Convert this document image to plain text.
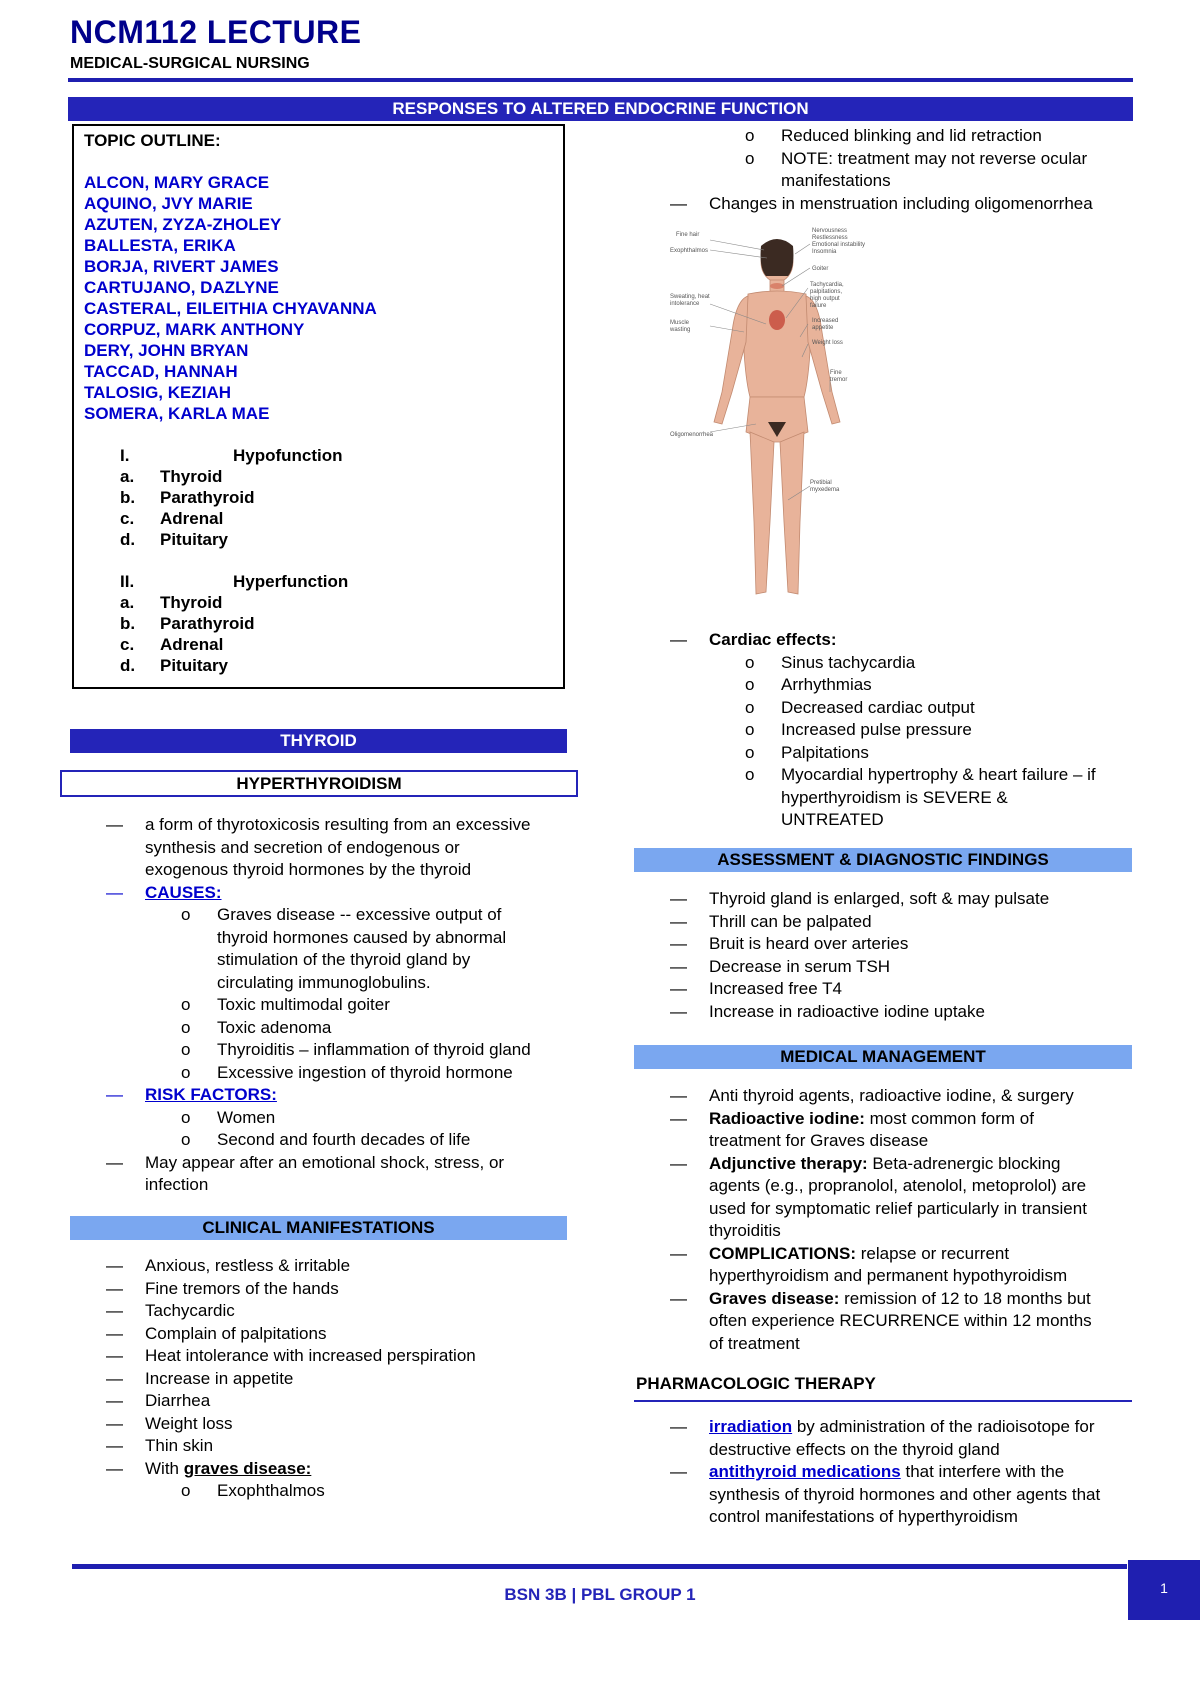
NCM112 LECTURE
MEDICAL-SURGICAL NURSING
RESPONSES TO ALTERED ENDOCRINE FUNCTION
TOPIC OUTLINE:
ALCON, MARY GRACE
AQUINO, JVY MARIE
AZUTEN, ZYZA-ZHOLEY
BALLESTA, ERIKA
BORJA, RIVERT JAMES
CARTUJANO, DAZLYNE
CASTERAL, EILEITHIA CHYAVANNA
CORPUZ, MARK ANTHONY
DERY, JOHN BRYAN
TACCAD, HANNAH
TALOSIG, KEZIAH
SOMERA, KARLA MAE
I.	Hypofunction
a.	Thyroid
b.	Parathyroid
c.	Adrenal
d.	Pituitary
II.	Hyperfunction
a.	Thyroid
b.	Parathyroid
c.	Adrenal
d.	Pituitary
THYROID
HYPERTHYROIDISM
— a form of thyrotoxicosis resulting from an excessive
synthesis and secretion of endogenous or
exogenous thyroid hormones by the thyroid
— CAUSES:
o Graves disease -- excessive output of
thyroid hormones caused by abnormal
stimulation of the thyroid gland by
circulating immunoglobulins.
o Toxic multimodal goiter
o Toxic adenoma
o Thyroiditis – inflammation of thyroid gland
o Excessive ingestion of thyroid hormone
— RISK FACTORS:
o Women
o Second and fourth decades of life
— May appear after an emotional shock, stress, or
infection
CLINICAL MANIFESTATIONS
— Anxious, restless & irritable
— Fine tremors of the hands
— Tachycardic
— Complain of palpitations
— Heat intolerance with increased perspiration
— Increase in appetite
— Diarrhea
— Weight loss
— Thin skin
— With graves disease:
o Exophthalmos
o Reduced blinking and lid retraction
o NOTE: treatment may not reverse ocular
manifestations
— Changes in menstruation including oligomenorrhea
Fine hair
Exophthalmos
Nervousness
Restlessness
Emotional instability
Insomnia
Goiter
Tachycardia,
palpitations,
high output
failure
Sweating, heat
intolerance
Muscle
wasting
Increased
appetite
Weight loss
Fine
tremor
Oligomenorrhea
Pretibial
myxedema
— Cardiac effects:
o Sinus tachycardia
o Arrhythmias
o Decreased cardiac output
o Increased pulse pressure
o Palpitations
o Myocardial hypertrophy & heart failure – if
hyperthyroidism is SEVERE &
UNTREATED
ASSESSMENT & DIAGNOSTIC FINDINGS
— Thyroid gland is enlarged, soft & may pulsate
— Thrill can be palpated
— Bruit is heard over arteries
— Decrease in serum TSH
— Increased free T4
— Increase in radioactive iodine uptake
MEDICAL MANAGEMENT
— Anti thyroid agents, radioactive iodine, & surgery
— Radioactive iodine: most common form of
treatment for Graves disease
— Adjunctive therapy: Beta-adrenergic blocking
agents (e.g., propranolol, atenolol, metoprolol) are
used for symptomatic relief particularly in transient
thyroiditis
— COMPLICATIONS: relapse or recurrent
hyperthyroidism and permanent hypothyroidism
— Graves disease: remission of 12 to 18 months but
often experience RECURRENCE within 12 months
of treatment
PHARMACOLOGIC THERAPY
— irradiation by administration of the radioisotope for
destructive effects on the thyroid gland
— antithyroid medications that interfere with the
synthesis of thyroid hormones and other agents that
control manifestations of hyperthyroidism
BSN 3B | PBL GROUP 1	1
